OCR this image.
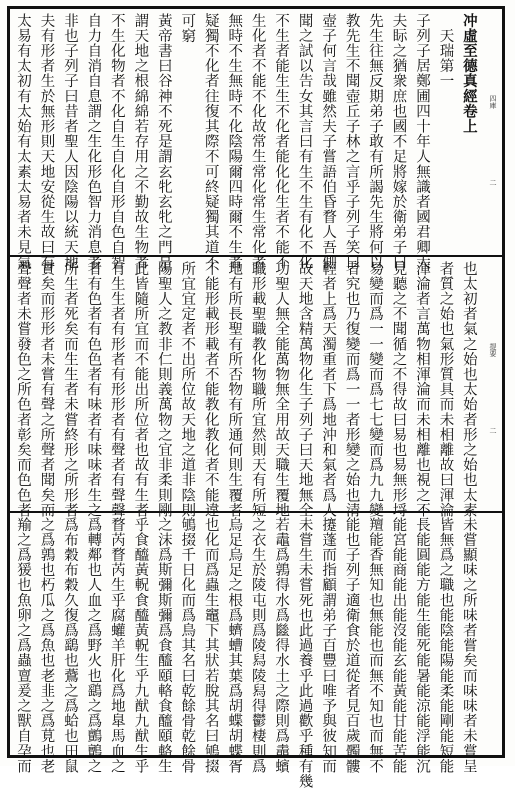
冲虛至德真經卷上
　天瑞第一
子列子居鄭圃四十年人無識者國君卿大
夫眎之猶衆庶也國不足將嫁於衛弟子曰
先生往無反期弟子敢有所謁先生將何以
教先生不聞壺丘子林之言乎子列子笑曰
壺子何言哉雖然夫子嘗語伯昏瞀人吾側
聞之試以告女其言曰有生不生有化不化
不生者能生生不化者能化化生者不能不
生化者不能不化故常生常化常生常化者
無時不生無時不化陰陽爾四時爾不生者
疑獨不化者往復其際不可終疑獨其道不
可窮
黃帝書曰谷神不死是謂玄牝玄牝之門是
謂天地之根綿綿若存用之不勤故生物者
不生化物者不化自生自化自形自色自智
自力自消自息謂之生化形色智力消息者
非也子列子曰昔者聖人因陰陽以統天地
夫有形者生於無形則天地安從生故曰有
太易有太初有太始有太素太易者未見氣	四庫
二
也太初者氣之始也太始者形之始也太素
者質之始也氣形質具而未相離故曰渾淪
渾淪者言萬物相渾淪而未相離也視之不
見聽之不聞循之不得故曰易也易無形埒
易變而爲一一變而爲七七變而爲九九變
者究也乃復變而爲一一者形變之始也清
輕者上爲天濁重者下爲地沖和氣者爲人
故天地含精萬物化生子列子曰天地無全
功聖人無全能萬物無全用故天職生覆地
職形載聖職教化物職所宜然則天有所短
地有所長聖有所否物有所通何則生覆者
不能形載形載者不能教化教化者不能違
所宜宜定者不出所位故天地之道非陰則
陽聖人之教非仁則義萬物之宜非柔則剛
此皆隨所宜而不能出所位者也故有生者
有生生者有形者有形形者有聲者有聲聲
者有色者有色色者有味者有味味者生之
所生者死矣而生生者未嘗終形之所形者
實矣而形形者未嘗有聲之所聲者聞矣而
聲聲者未嘗發色之所色者彰矣而色色者	提要
二
未嘗顯味之所味者嘗矣而味味者未嘗呈
皆無爲之職也能陰能陽能柔能剛能短能
長能圓能方能生能死能暑能涼能浮能沉
能宮能商能出能沒能玄能黃能甘能苦能
羶能香無知也無能也而無不知也而無不
能也子列子適衛食於道從者見百歲髑髏
攓蓬而指顧謂弟子百豐曰唯予與彼知而
未嘗生未嘗死也此過養乎此過歡乎種有幾
若鼃爲鶉得水爲㡭得水土之際則爲鼃蠙
之衣生於陵屯則爲陵舄陵舄得鬱棲則爲
烏足烏足之根爲蠐螬其葉爲胡蝶胡蝶胥
也化而爲蟲生竈下其狀若脫其名曰鴝掇
鴝掇千日化而爲鳥其名曰乾餘骨乾餘骨
之沫爲斯彌斯彌爲食醯頤輅食醯頤輅生
乎食醯黃軦食醯黃軦生乎九猷九猷生乎
瞀芮瞀芮生乎腐蠸羊肝化爲地臯馬血之
爲轉鄰也人血之爲野火也鷂之爲鸇鸇之
爲布穀布穀久復爲鷂也鷰之爲蛤也田鼠
之爲鶉也朽瓜之爲魚也老韭之爲莧也老
羭之爲猨也魚卵之爲蟲亶爰之獸自孕而
